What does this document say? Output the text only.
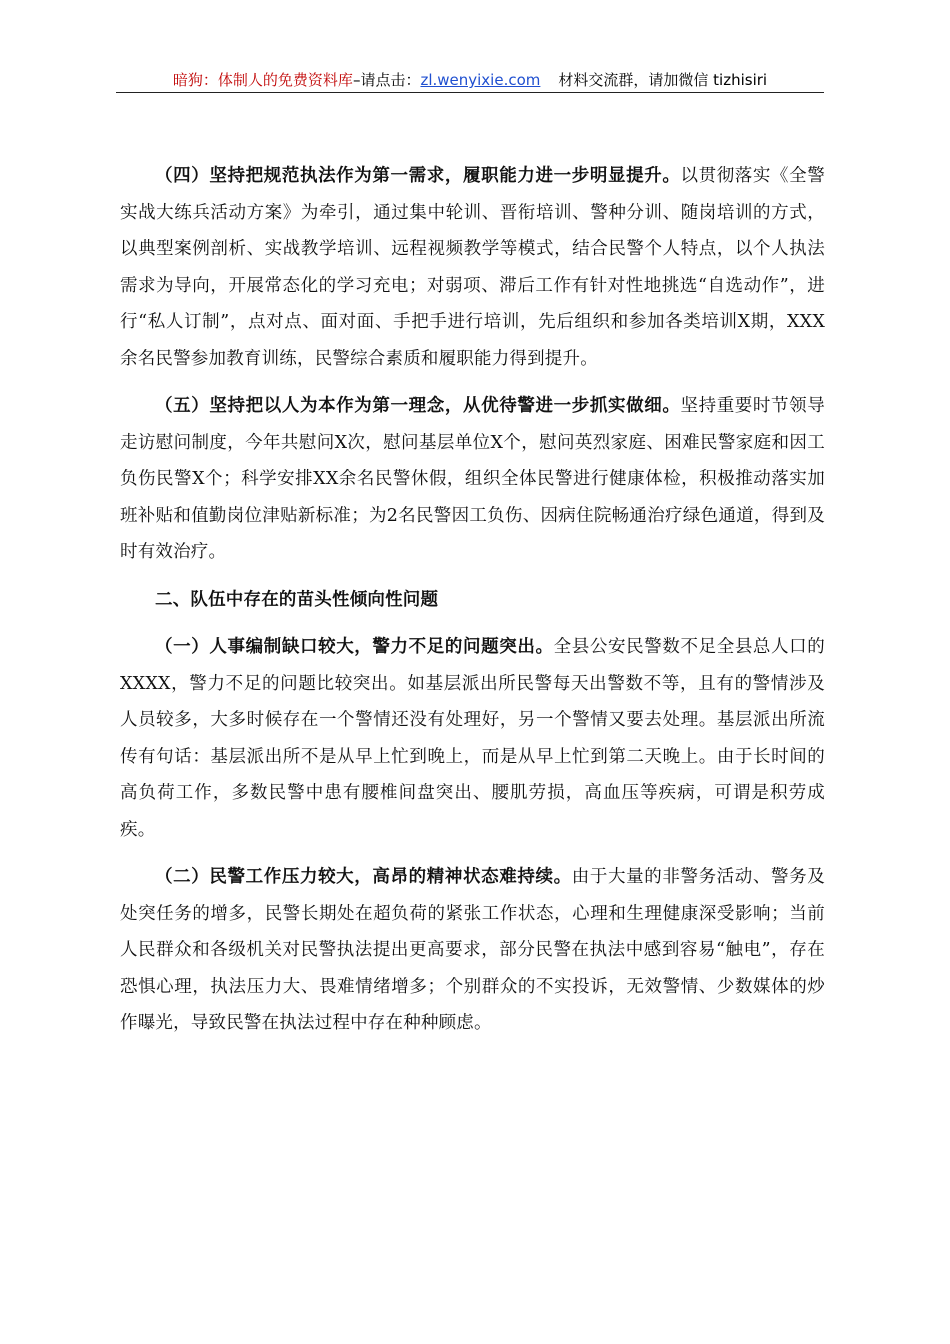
暗狗：体制人的免费资料库–请点击：zl.wenyixie.com 材料交流群，请加微信 tizhisiri

（四）坚持把规范执法作为第一需求，履职能力进一步明显提升。以贯彻落实《全警实战大练兵活动方案》为牵引，通过集中轮训、晋衔培训、警种分训、随岗培训的方式，以典型案例剖析、实战教学培训、远程视频教学等模式，结合民警个人特点，以个人执法需求为导向，开展常态化的学习充电；对弱项、滞后工作有针对性地挑选“自选动作”，进行“私人订制”，点对点、面对面、手把手进行培训，先后组织和参加各类培训X期，XXX余名民警参加教育训练，民警综合素质和履职能力得到提升。

（五）坚持把以人为本作为第一理念，从优待警进一步抓实做细。坚持重要时节领导走访慰问制度，今年共慰问X次，慰问基层单位X个，慰问英烈家庭、困难民警家庭和因工负伤民警X个；科学安排XX余名民警休假，组织全体民警进行健康体检，积极推动落实加班补贴和值勤岗位津贴新标准；为2名民警因工负伤、因病住院畅通治疗绿色通道，得到及时有效治疗。

二、队伍中存在的苗头性倾向性问题

（一）人事编制缺口较大，警力不足的问题突出。全县公安民警数不足全县总人口的XXXX，警力不足的问题比较突出。如基层派出所民警每天出警数不等，且有的警情涉及人员较多，大多时候存在一个警情还没有处理好，另一个警情又要去处理。基层派出所流传有句话：基层派出所不是从早上忙到晚上，而是从早上忙到第二天晚上。由于长时间的高负荷工作，多数民警中患有腰椎间盘突出、腰肌劳损，高血压等疾病，可谓是积劳成疾。

（二）民警工作压力较大，高昂的精神状态难持续。由于大量的非警务活动、警务及处突任务的增多，民警长期处在超负荷的紧张工作状态，心理和生理健康深受影响；当前人民群众和各级机关对民警执法提出更高要求，部分民警在执法中感到容易“触电”，存在恐惧心理，执法压力大、畏难情绪增多；个别群众的不实投诉，无效警情、少数媒体的炒作曝光，导致民警在执法过程中存在种种顾虑。
